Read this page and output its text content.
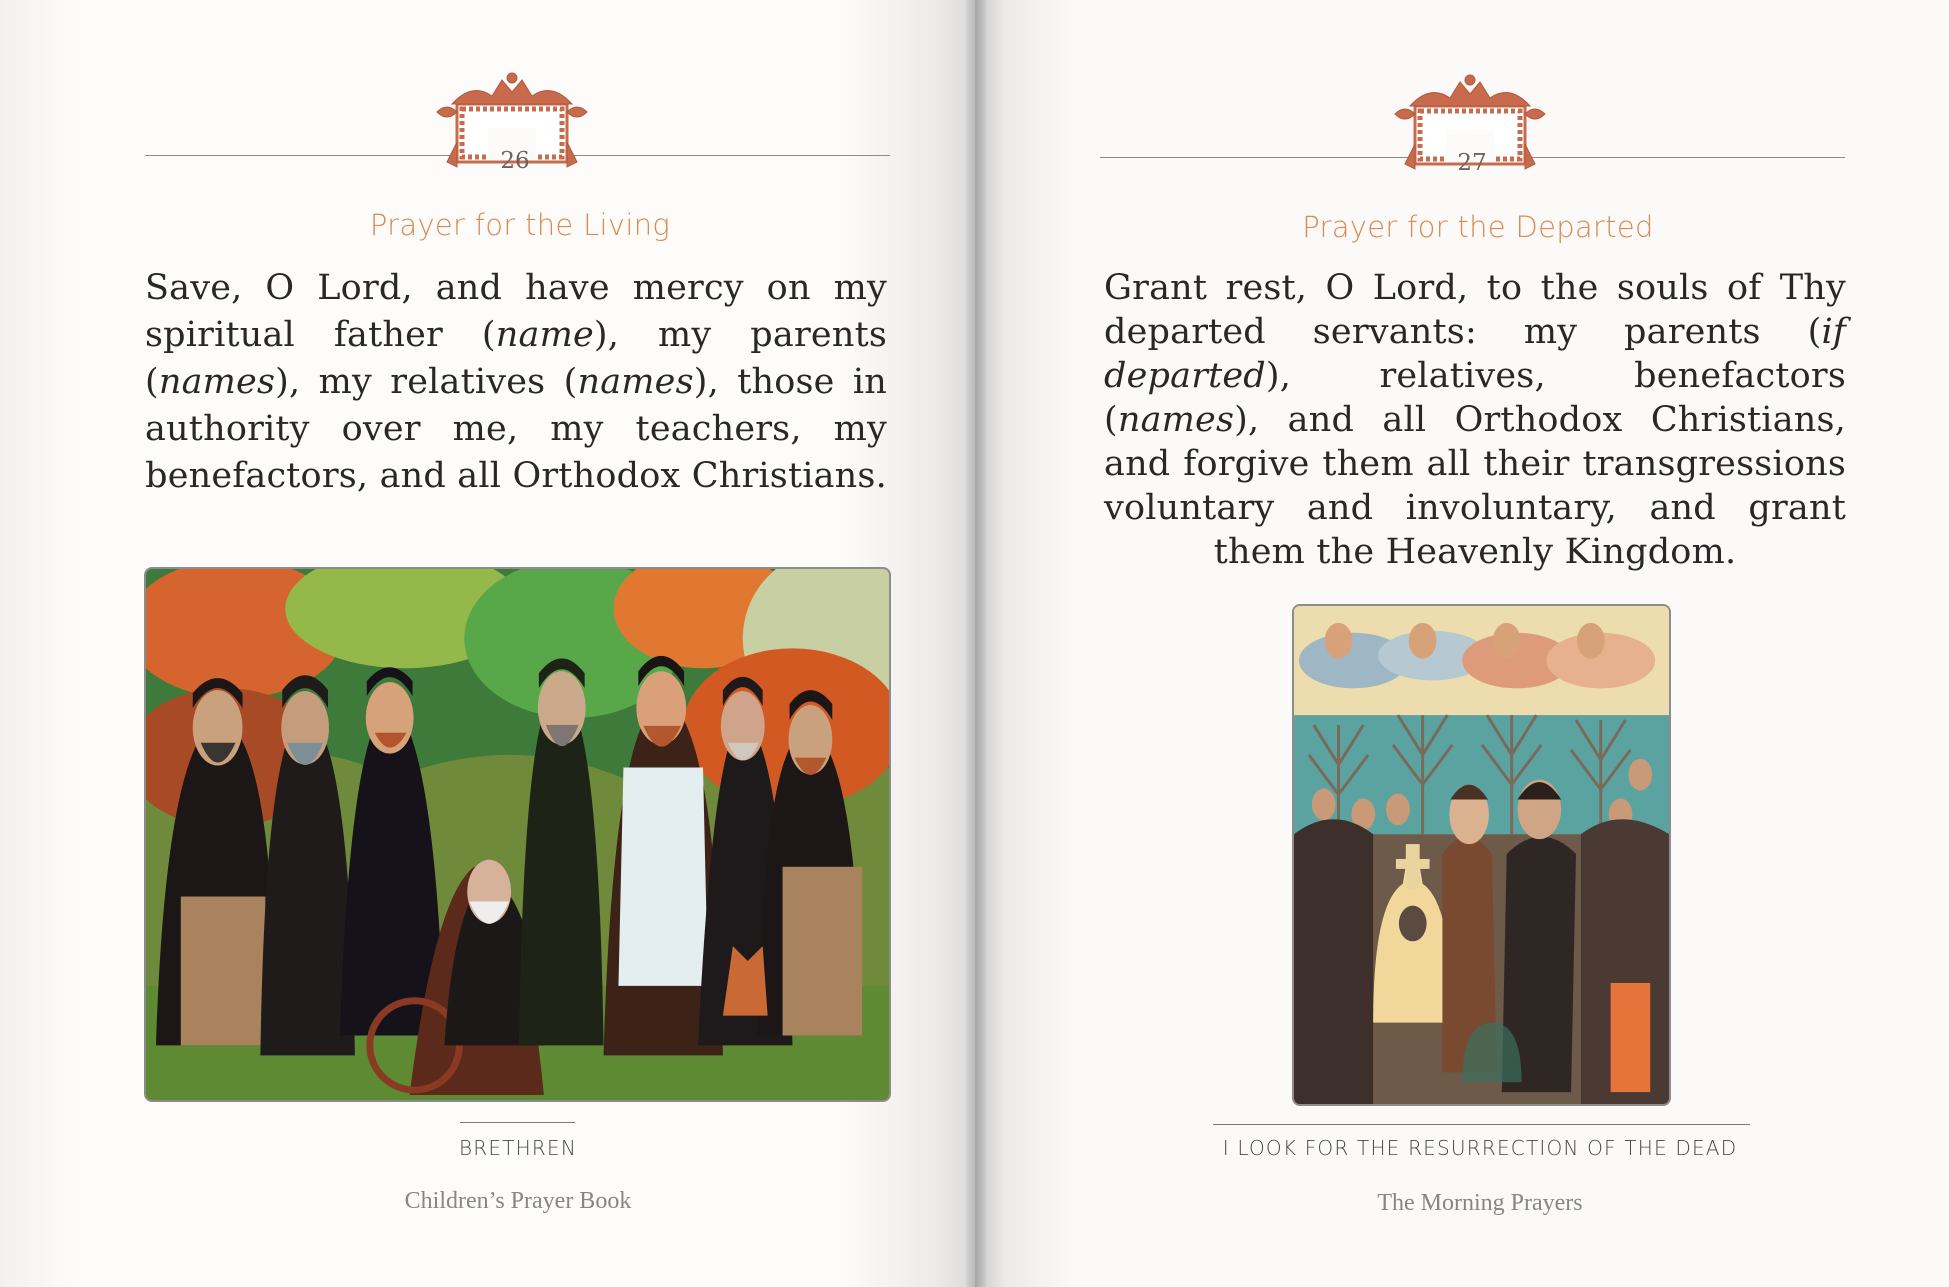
26
Prayer for the Living
Save, O Lord, and have mercy on my spiritual father (name), my parents (names), my relatives (names), those in authority over me, my teachers, my benefactors, and all Orthodox Christians.
BRETHREN
Children’s Prayer Book
27
Prayer for the Departed
Grant rest, O Lord, to the souls of Thy departed servants: my parents (if departed), relatives, benefactors (names), and all Orthodox Christians, and forgive them all their transgressions voluntary and involuntary, and grant them the Heavenly Kingdom.
I LOOK FOR THE RESURRECTION OF THE DEAD
The Morning Prayers
